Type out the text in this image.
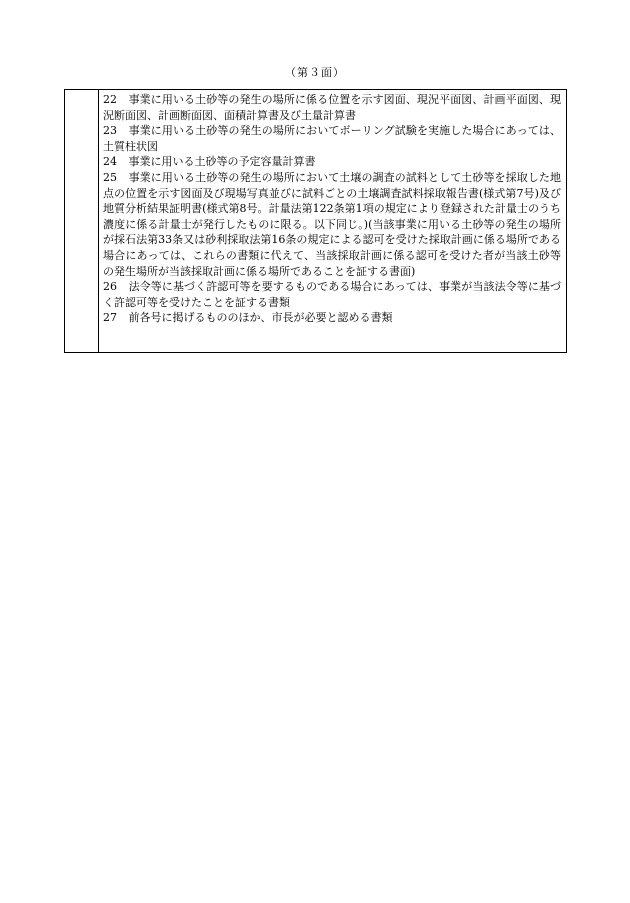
（第３面）
22 事業に用いる土砂等の発生の場所に係る位置を示す図面、現況平面図、計画平面図、現況断面図、計画断面図、面積計算書及び土量計算書
23 事業に用いる土砂等の発生の場所においてボーリング試験を実施した場合にあっては、土質柱状図
24 事業に用いる土砂等の予定容量計算書
25 事業に用いる土砂等の発生の場所において土壌の調査の試料として土砂等を採取した地点の位置を示す図面及び現場写真並びに試料ごとの土壌調査試料採取報告書(様式第7号)及び地質分析結果証明書(様式第8号。計量法第122条第1項の規定により登録された計量士のうち濃度に係る計量士が発行したものに限る。以下同じ。)(当該事業に用いる土砂等の発生の場所が採石法第33条又は砂利採取法第16条の規定による認可を受けた採取計画に係る場所である場合にあっては、これらの書類に代えて、当該採取計画に係る認可を受けた者が当該土砂等の発生場所が当該採取計画に係る場所であることを証する書面)
26 法令等に基づく許認可等を要するものである場合にあっては、事業が当該法令等に基づく許認可等を受けたことを証する書類
27 前各号に掲げるもののほか、市長が必要と認める書類
